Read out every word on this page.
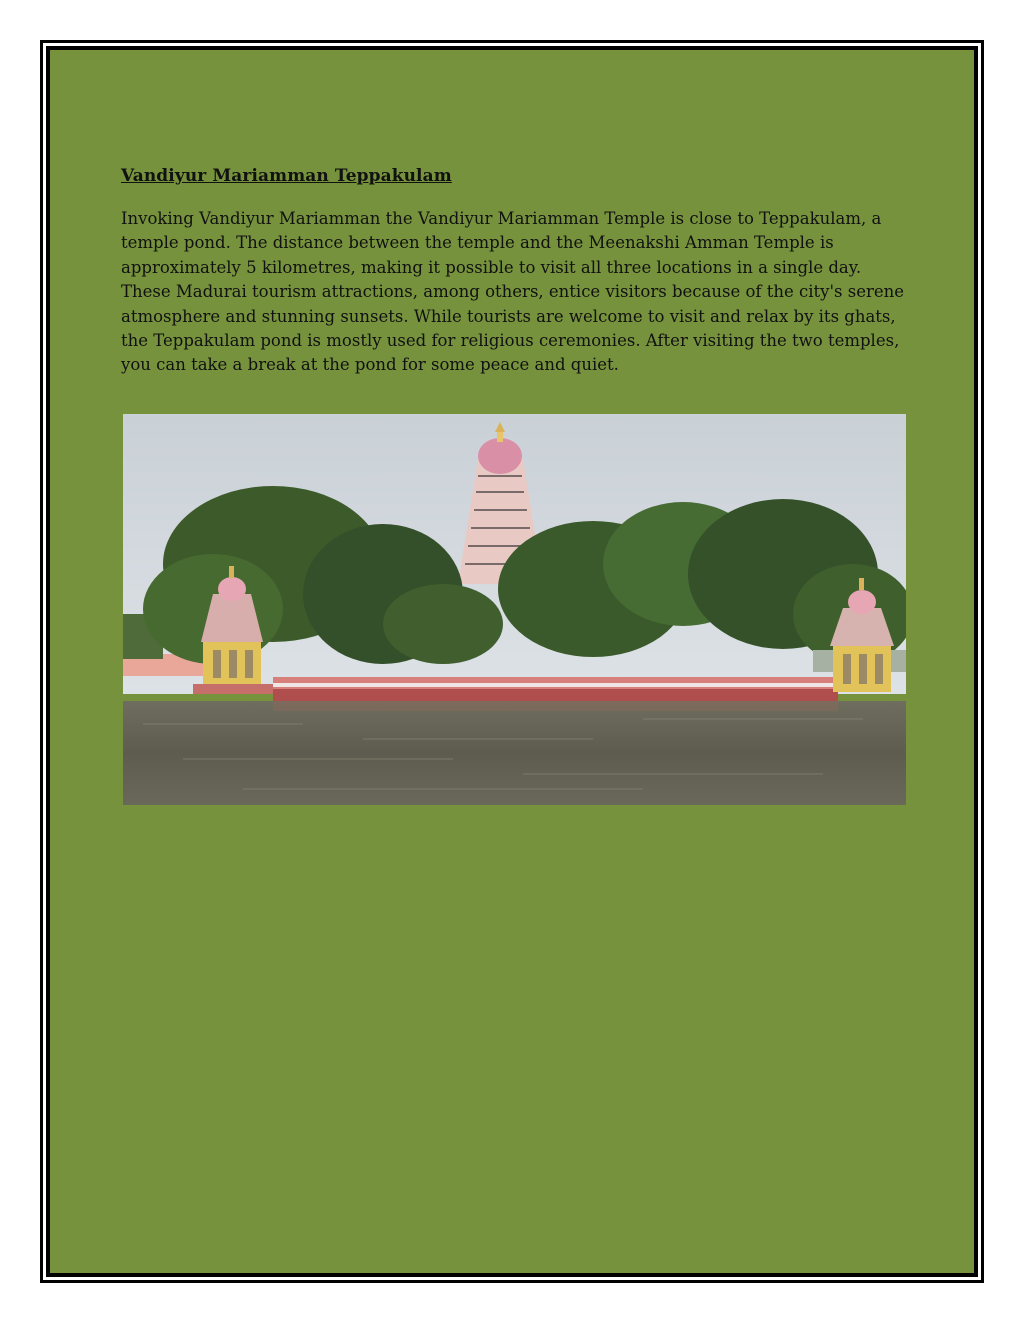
Vandiyur Mariamman Teppakulam

Invoking Vandiyur Mariamman the Vandiyur Mariamman Temple is close to Teppakulam, a temple pond. The distance between the temple and the Meenakshi Amman Temple is approximately 5 kilometres, making it possible to visit all three locations in a single day. These Madurai tourism attractions, among others, entice visitors because of the city's serene atmosphere and stunning sunsets. While tourists are welcome to visit and relax by its ghats, the Teppakulam pond is mostly used for religious ceremonies. After visiting the two temples, you can take a break at the pond for some peace and quiet.
